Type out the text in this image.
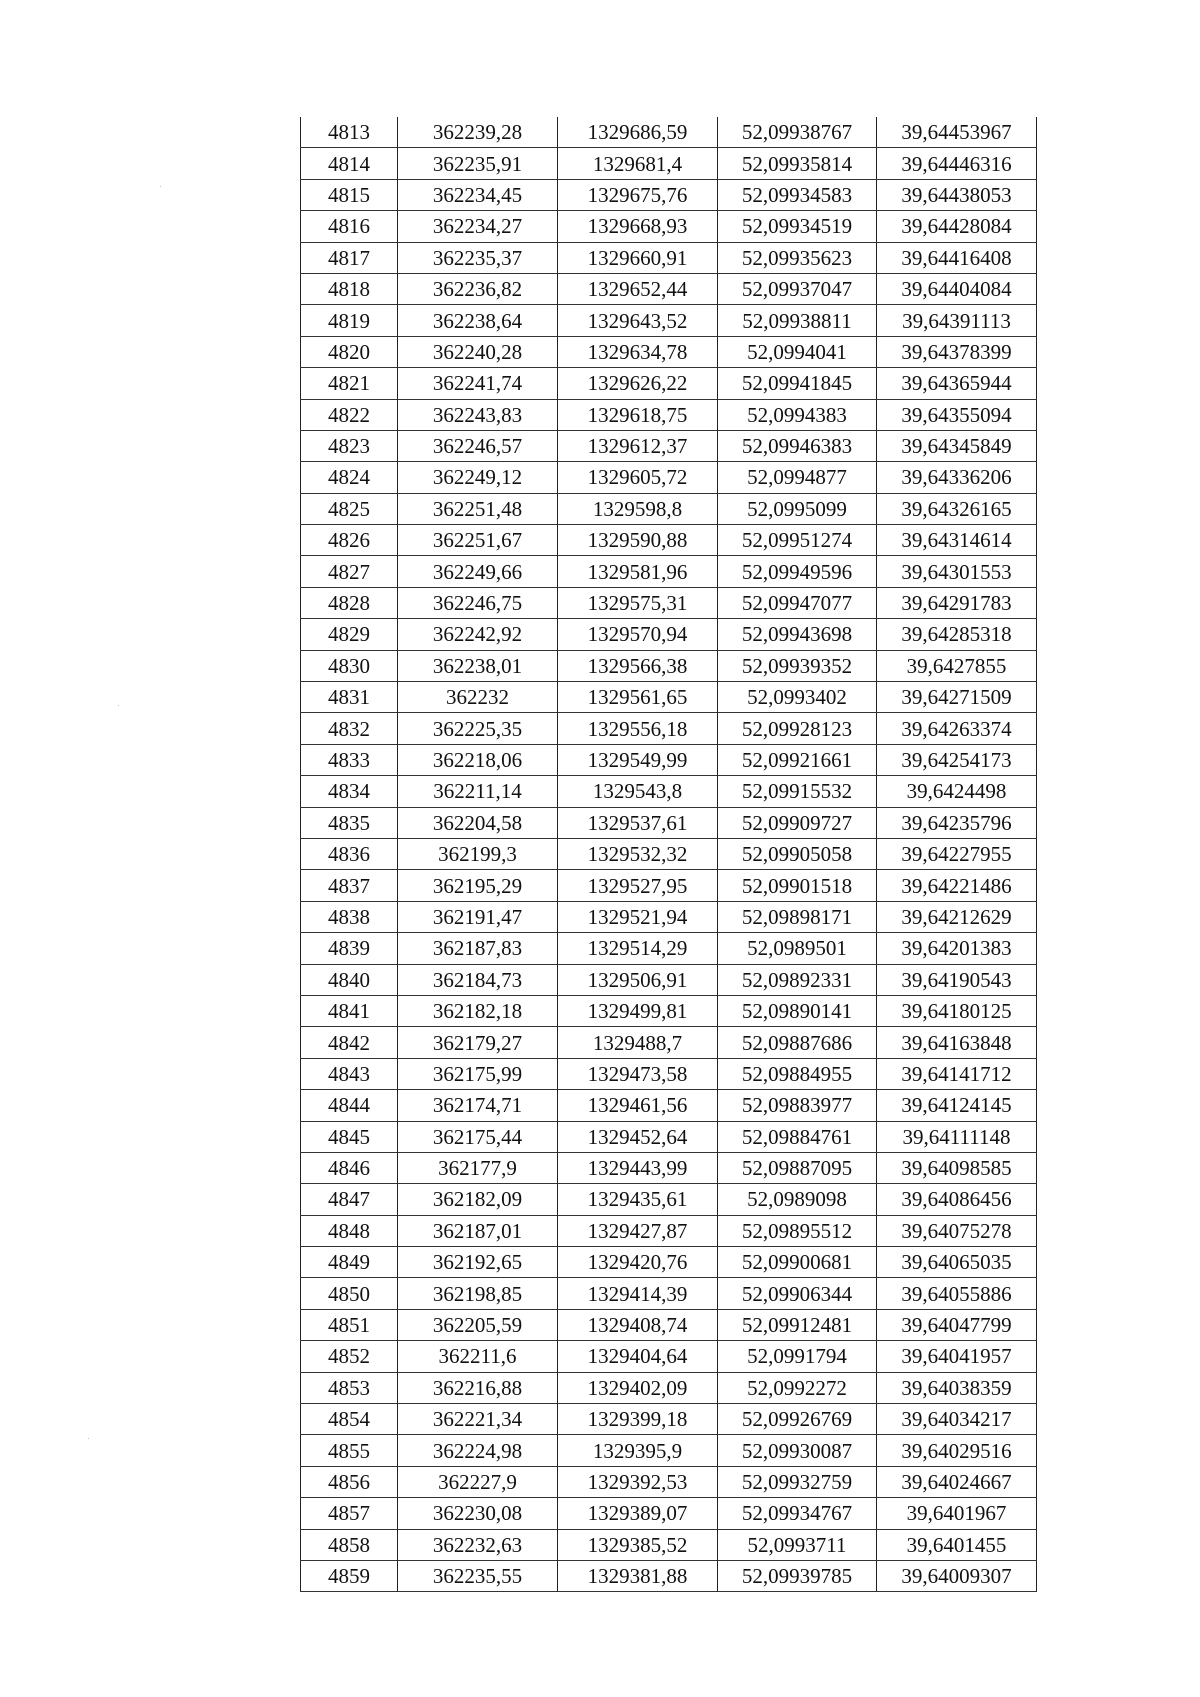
4813	362239,28	1329686,59	52,09938767	39,64453967
4814	362235,91	1329681,4	52,09935814	39,64446316
4815	362234,45	1329675,76	52,09934583	39,64438053
4816	362234,27	1329668,93	52,09934519	39,64428084
4817	362235,37	1329660,91	52,09935623	39,64416408
4818	362236,82	1329652,44	52,09937047	39,64404084
4819	362238,64	1329643,52	52,09938811	39,64391113
4820	362240,28	1329634,78	52,0994041	39,64378399
4821	362241,74	1329626,22	52,09941845	39,64365944
4822	362243,83	1329618,75	52,0994383	39,64355094
4823	362246,57	1329612,37	52,09946383	39,64345849
4824	362249,12	1329605,72	52,0994877	39,64336206
4825	362251,48	1329598,8	52,0995099	39,64326165
4826	362251,67	1329590,88	52,09951274	39,64314614
4827	362249,66	1329581,96	52,09949596	39,64301553
4828	362246,75	1329575,31	52,09947077	39,64291783
4829	362242,92	1329570,94	52,09943698	39,64285318
4830	362238,01	1329566,38	52,09939352	39,6427855
4831	362232	1329561,65	52,0993402	39,64271509
4832	362225,35	1329556,18	52,09928123	39,64263374
4833	362218,06	1329549,99	52,09921661	39,64254173
4834	362211,14	1329543,8	52,09915532	39,6424498
4835	362204,58	1329537,61	52,09909727	39,64235796
4836	362199,3	1329532,32	52,09905058	39,64227955
4837	362195,29	1329527,95	52,09901518	39,64221486
4838	362191,47	1329521,94	52,09898171	39,64212629
4839	362187,83	1329514,29	52,0989501	39,64201383
4840	362184,73	1329506,91	52,09892331	39,64190543
4841	362182,18	1329499,81	52,09890141	39,64180125
4842	362179,27	1329488,7	52,09887686	39,64163848
4843	362175,99	1329473,58	52,09884955	39,64141712
4844	362174,71	1329461,56	52,09883977	39,64124145
4845	362175,44	1329452,64	52,09884761	39,64111148
4846	362177,9	1329443,99	52,09887095	39,64098585
4847	362182,09	1329435,61	52,0989098	39,64086456
4848	362187,01	1329427,87	52,09895512	39,64075278
4849	362192,65	1329420,76	52,09900681	39,64065035
4850	362198,85	1329414,39	52,09906344	39,64055886
4851	362205,59	1329408,74	52,09912481	39,64047799
4852	362211,6	1329404,64	52,0991794	39,64041957
4853	362216,88	1329402,09	52,0992272	39,64038359
4854	362221,34	1329399,18	52,09926769	39,64034217
4855	362224,98	1329395,9	52,09930087	39,64029516
4856	362227,9	1329392,53	52,09932759	39,64024667
4857	362230,08	1329389,07	52,09934767	39,6401967
4858	362232,63	1329385,52	52,0993711	39,6401455
4859	362235,55	1329381,88	52,09939785	39,64009307
